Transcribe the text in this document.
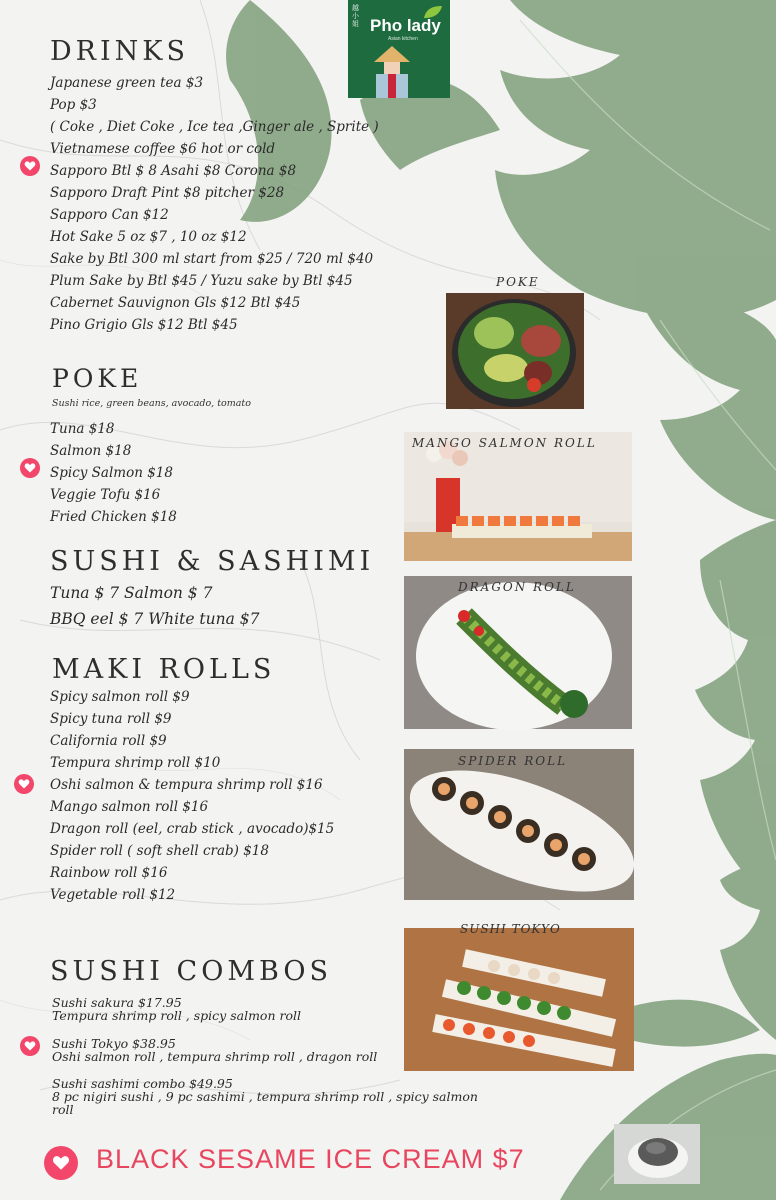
越小姐 Pho lady
Asian kitchen
DRINKS
Japanese green tea $3
Pop $3
( Coke , Diet Coke , Ice tea ,Ginger ale , Sprite )
Vietnamese coffee $6 hot or cold
Sapporo Btl $ 8 Asahi $8 Corona $8
Sapporo Draft Pint $8 pitcher $28
Sapporo Can $12
Hot Sake 5 oz $7 , 10 oz $12
Sake by Btl 300 ml start from $25 / 720 ml $40
Plum Sake by Btl $45 / Yuzu sake by Btl $45
Cabernet Sauvignon Gls $12 Btl $45
Pino Grigio Gls $12 Btl $45
POKE
Sushi rice, green beans, avocado, tomato
Tuna $18
Salmon $18
Spicy Salmon $18
Veggie Tofu $16
Fried Chicken $18
SUSHI & SASHIMI
Tuna $ 7 Salmon $ 7
BBQ eel $ 7 White tuna $7
MAKI ROLLS
Spicy salmon roll $9
Spicy tuna roll $9
California roll $9
Tempura shrimp roll $10
Oshi salmon & tempura shrimp roll $16
Mango salmon roll $16
Dragon roll (eel, crab stick , avocado)$15
Spider roll ( soft shell crab) $18
Rainbow roll $16
Vegetable roll $12
SUSHI COMBOS
Sushi sakura $17.95
Tempura shrimp roll , spicy salmon roll
Sushi Tokyo $38.95
Oshi salmon roll , tempura shrimp roll , dragon roll
Sushi sashimi combo $49.95
8 pc nigiri sushi , 9 pc sashimi , tempura shrimp roll , spicy salmon roll
POKE
MANGO SALMON ROLL
DRAGON ROLL
SPIDER ROLL
SUSHI TOKYO
BLACK SESAME ICE CREAM $7
